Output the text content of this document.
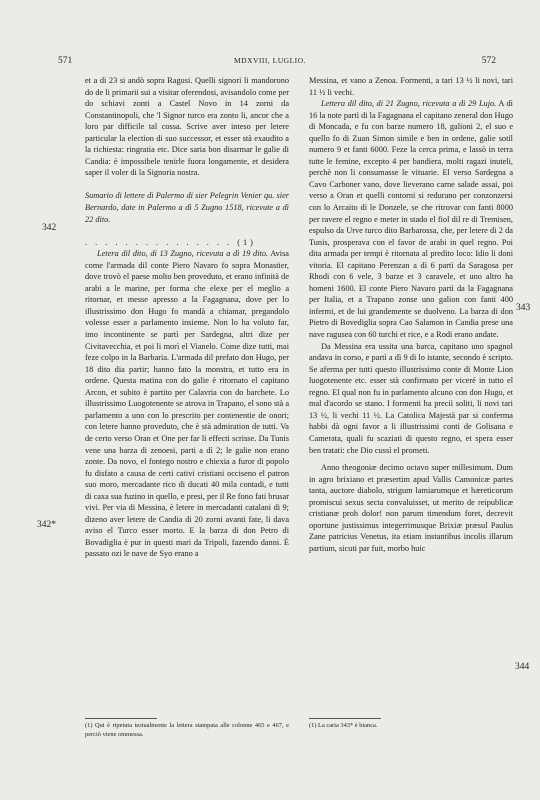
571	MDXVIII, LUGLIO.	572
342
342*
343
344

et a di 23 si andò sopra Ragusi. Quelli signori li mandorono do de li primarii sui a visitar oferendosi, avisandolo come per do schiavi zonti a Castel Novo in 14 zorni da Constantinopoli, che 'l Signor turco era zonto li, ancor che a loro par difficile tal cossa. Scrive aver inteso per letere particular la election di suo successor, et esser stà exaudito a la richiesta: ringratia etc. Dice saria bon disarmar le galie di Candia: è impossibele tenirle fuora longamente, et desidera saper il voler di la Signoria nostra.

Sumario di lettere di Palermo di sier Pelegrin Venier qu. sier Bernardo, date in Palermo a dì 5 Zugno 1518, ricevute a dì 22 dito.

. . . . . . . . . . . . . . . (1)

Letera dil dito, di 13 Zugno, ricevuta a dì 19 dito. Avisa come l'armada dil conte Piero Navaro fo sopra Monastier, dove trovò el paese molto ben proveduto, et erano infinità de arabi a le marine, per forma che elexe per el meglio a ritornar, et messe apresso a la Fagagnana, dove per lo illustrissimo don Hugo fo mandà a chiamar, pregandolo volesse esser a parlamento insieme. Non lo ha voluto far, imo incontinente se partì per Sardegna, altri dize per Civitavecchia, et poi li morì el Vianelo. Come dize tutti, mai feze colpo in la Barbaria. L'armada dil prefato don Hugo, per 18 dito dia partir; hanno fato la monstra, et tutto era in ordene. Questa matina con do galie è ritornato el capitano Arcon, et subito è partito per Calavria con do barchete. Lo illustrissimo Luogotenente se atrova in Trapano, el sono stà a parlamento a uno con lo prescrito per contenentie de onori; con letere hanno proveduto, che è stà admiration de tutti. Va de certo verso Oran et One per far li effecti scrisse. Da Tunis vene una barza di zenoesi, parti a dì 2; le galie non erano zonte. Da novo, el fontego nostro e chiexia a furor di popolo fu disfato a causa de certi cativi cristiani occiseno el patron suo moro, mercadante rico di ducati 40 mila contadi, e tutti di caxa sua fuzino in quello, e presi, per il Re fono fati brusar vivi. Per via di Messina, è letere in mercadanti catalani di 9; dizeno aver letere de Candia di 20 zorni avanti fate, li dava aviso el Turco esser morto. E la barza di don Petro di Bovadiglia è pur in questi mari da Tripoli, fazendo danni. È passato ozi le nave de Syo erano a

Messina, et vano a Zenoa. Formenti, a tari 13 ½ li novi, tari 11 ½ li vechi.

Lettera dil dito, di 21 Zugno, ricevuta a dì 29 Lujo. A dì 16 la note partì di la Fagagnana el capitano zeneral don Hugo di Moncada, e fu con barze numero 18, galioni 2, el suo e quello fo di Zuan Simon simile e ben in ordene, galie sotil numero 9 et fanti 6000. Feze la cerca prima, e lassò in terra tutte le femine, excepto 4 per bandiera, molti ragazi inuteli, perchè non li consumasse le vituarie. El verso Sardegna a Cavo Carboner vano, dove lieverano carne salade assai, poi verso a Oran et quelli contorni si redurano per conzonzersi con lo Arcaito di le Donzele, se che ritrovar con fanti 8000 per ravere el regno e meter in stado el fiol dil re di Tremisen, espulso da Urve turco dito Barbarossa, che, per letere di 2 da Tunis, prosperava con el favor de arabi in quel regno. Poi dita armada per tempi è ritornata al predito loco: Idio li doni vitoria. El capitano Perenzan a dì 6 partì da Saragosa per Rhodi con 6 vele, 3 barze et 3 caravele, et uno altro ha homeni 1600. El conte Piero Navaro partì da la Fagagnana per Italia, et a Trapano zonse uno galion con fanti 400 infermi, et de lui grandemente se duolveno. La barza di don Pietro di Bovediglia sopra Cao Salamon in Candia prese una nave ragusea con 60 turchi et rice, e a Rodi erano andate.

Da Messina era ussita una barca, capitano uno spagnol andava in corso, e partì a dì 9 di lo istante, secondo è scripto. Se aferma per tutti questo illustrissimo conte di Monte Lion luogotenente etc. esser stà confirmato per viceré in tutto el regno. El qual non fu in parlamento alcuno con don Hugo, et mal d'acordo se stano. I formenti ha preciì soliti, li novi tari 13 ½, li vechi 11 ½. La Catolica Majestà par si conferma habbi dà ogni favor a li illustrissimi conti de Golisana e Camerata, quali fu scaziati di questo regno, et spera esser ben tratati: che Dio cussì el prometi.

Anno theogoniæ decimo octavo super millesimum. Dum in agro brixiano et præsertim apud Vallis Camonicæ partes tanta, auctore diabolo, strigum lamiarumque et hæreticorum promiscui sexus secta convaluisset, ut merito de reipublicæ cristianæ proh dolor! non parum timendum foret, decrevit oportune justissimus integerrimusque Brixiæ præsul Paulus Zane patricius Venetus, ita etiam instantibus incolis illarum partium, sicuti par fuit, morbo huic

(1) Qui è ripetuta testualmente la lettera stampata alle colonne 465 e 467, e perciò viene ommessa.

(1) La carta 343* è bianca.
